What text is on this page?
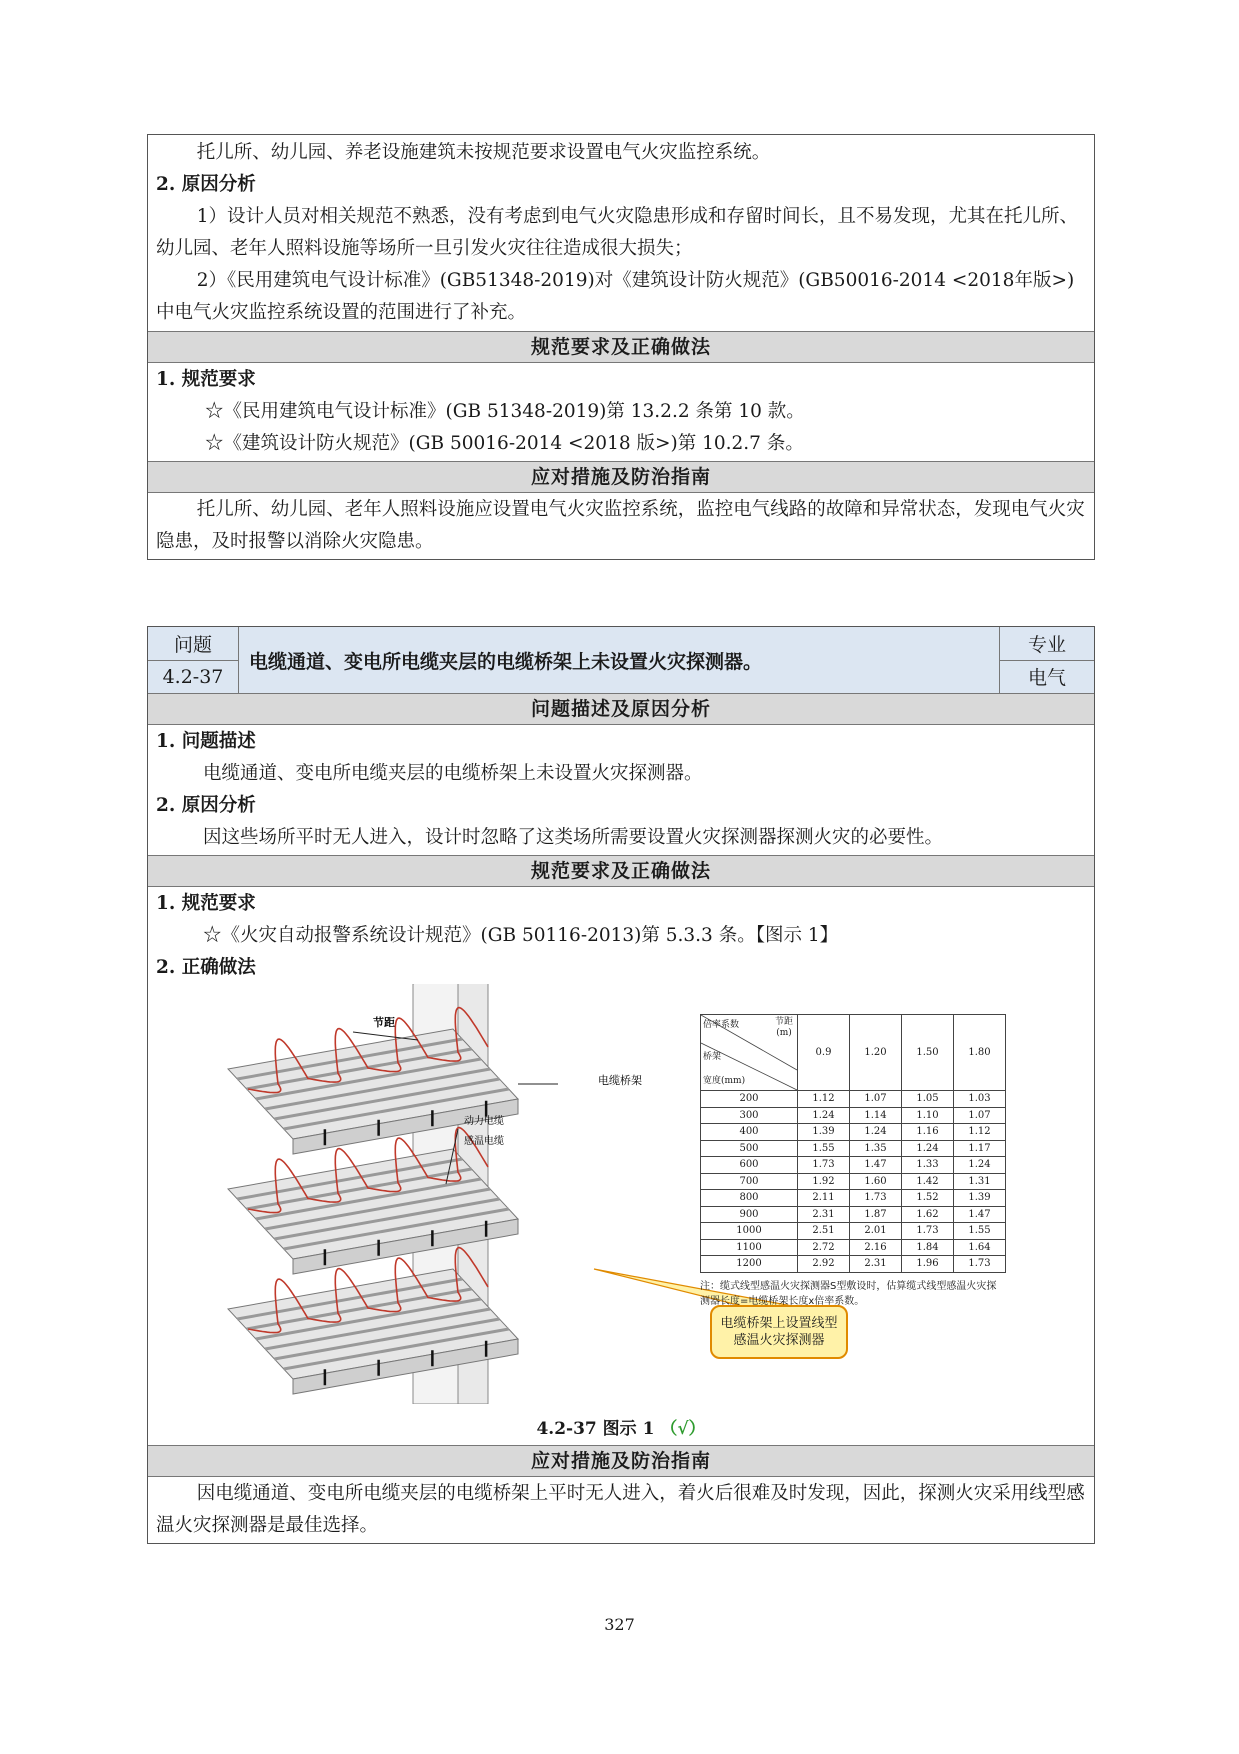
托儿所、幼儿园、养老设施建筑未按规范要求设置电气火灾监控系统。
2. 原因分析
1）设计人员对相关规范不熟悉，没有考虑到电气火灾隐患形成和存留时间长，且不易发现，尤其在托儿所、幼儿园、老年人照料设施等场所一旦引发火灾往往造成很大损失；
2）《民用建筑电气设计标准》(GB51348-2019)对《建筑设计防火规范》(GB50016-2014 <2018年版>)中电气火灾监控系统设置的范围进行了补充。
规范要求及正确做法
1. 规范要求
☆《民用建筑电气设计标准》(GB 51348-2019)第 13.2.2 条第 10 款。
☆《建筑设计防火规范》(GB 50016-2014 <2018 版>)第 10.2.7 条。
应对措施及防治指南
托儿所、幼儿园、老年人照料设施应设置电气火灾监控系统，监控电气线路的故障和异常状态，发现电气火灾隐患，及时报警以消除火灾隐患。
问题
4.2-37
电缆通道、变电所电缆夹层的电缆桥架上未设置火灾探测器。
专业
电气
问题描述及原因分析
1. 问题描述
电缆通道、变电所电缆夹层的电缆桥架上未设置火灾探测器。
2. 原因分析
因这些场所平时无人进入，设计时忽略了这类场所需要设置火灾探测器探测火灾的必要性。
规范要求及正确做法
1. 规范要求
☆《火灾自动报警系统设计规范》(GB 50116-2013)第 5.3.3 条。【图示 1】
2. 正确做法
节距
电缆桥架
动力电缆
感温电缆
电缆桥架上设置线型感温火灾探测器
倍率系数 节距(m)
桥架
宽度(mm)	0.9	1.20	1.50	1.80
200	1.12	1.07	1.05	1.03
300	1.24	1.14	1.10	1.07
400	1.39	1.24	1.16	1.12
500	1.55	1.35	1.24	1.17
600	1.73	1.47	1.33	1.24
700	1.92	1.60	1.42	1.31
800	2.11	1.73	1.52	1.39
900	2.31	1.87	1.62	1.47
1000	2.51	2.01	1.73	1.55
1100	2.72	2.16	1.84	1.64
1200	2.92	2.31	1.96	1.73
注：缆式线型感温火灾探测器S型敷设时，估算缆式线型感温火灾探测器长度=电缆桥架长度x倍率系数。
4.2-37 图示 1 （√）
应对措施及防治指南
因电缆通道、变电所电缆夹层的电缆桥架上平时无人进入，着火后很难及时发现，因此，探测火灾采用线型感温火灾探测器是最佳选择。
327
